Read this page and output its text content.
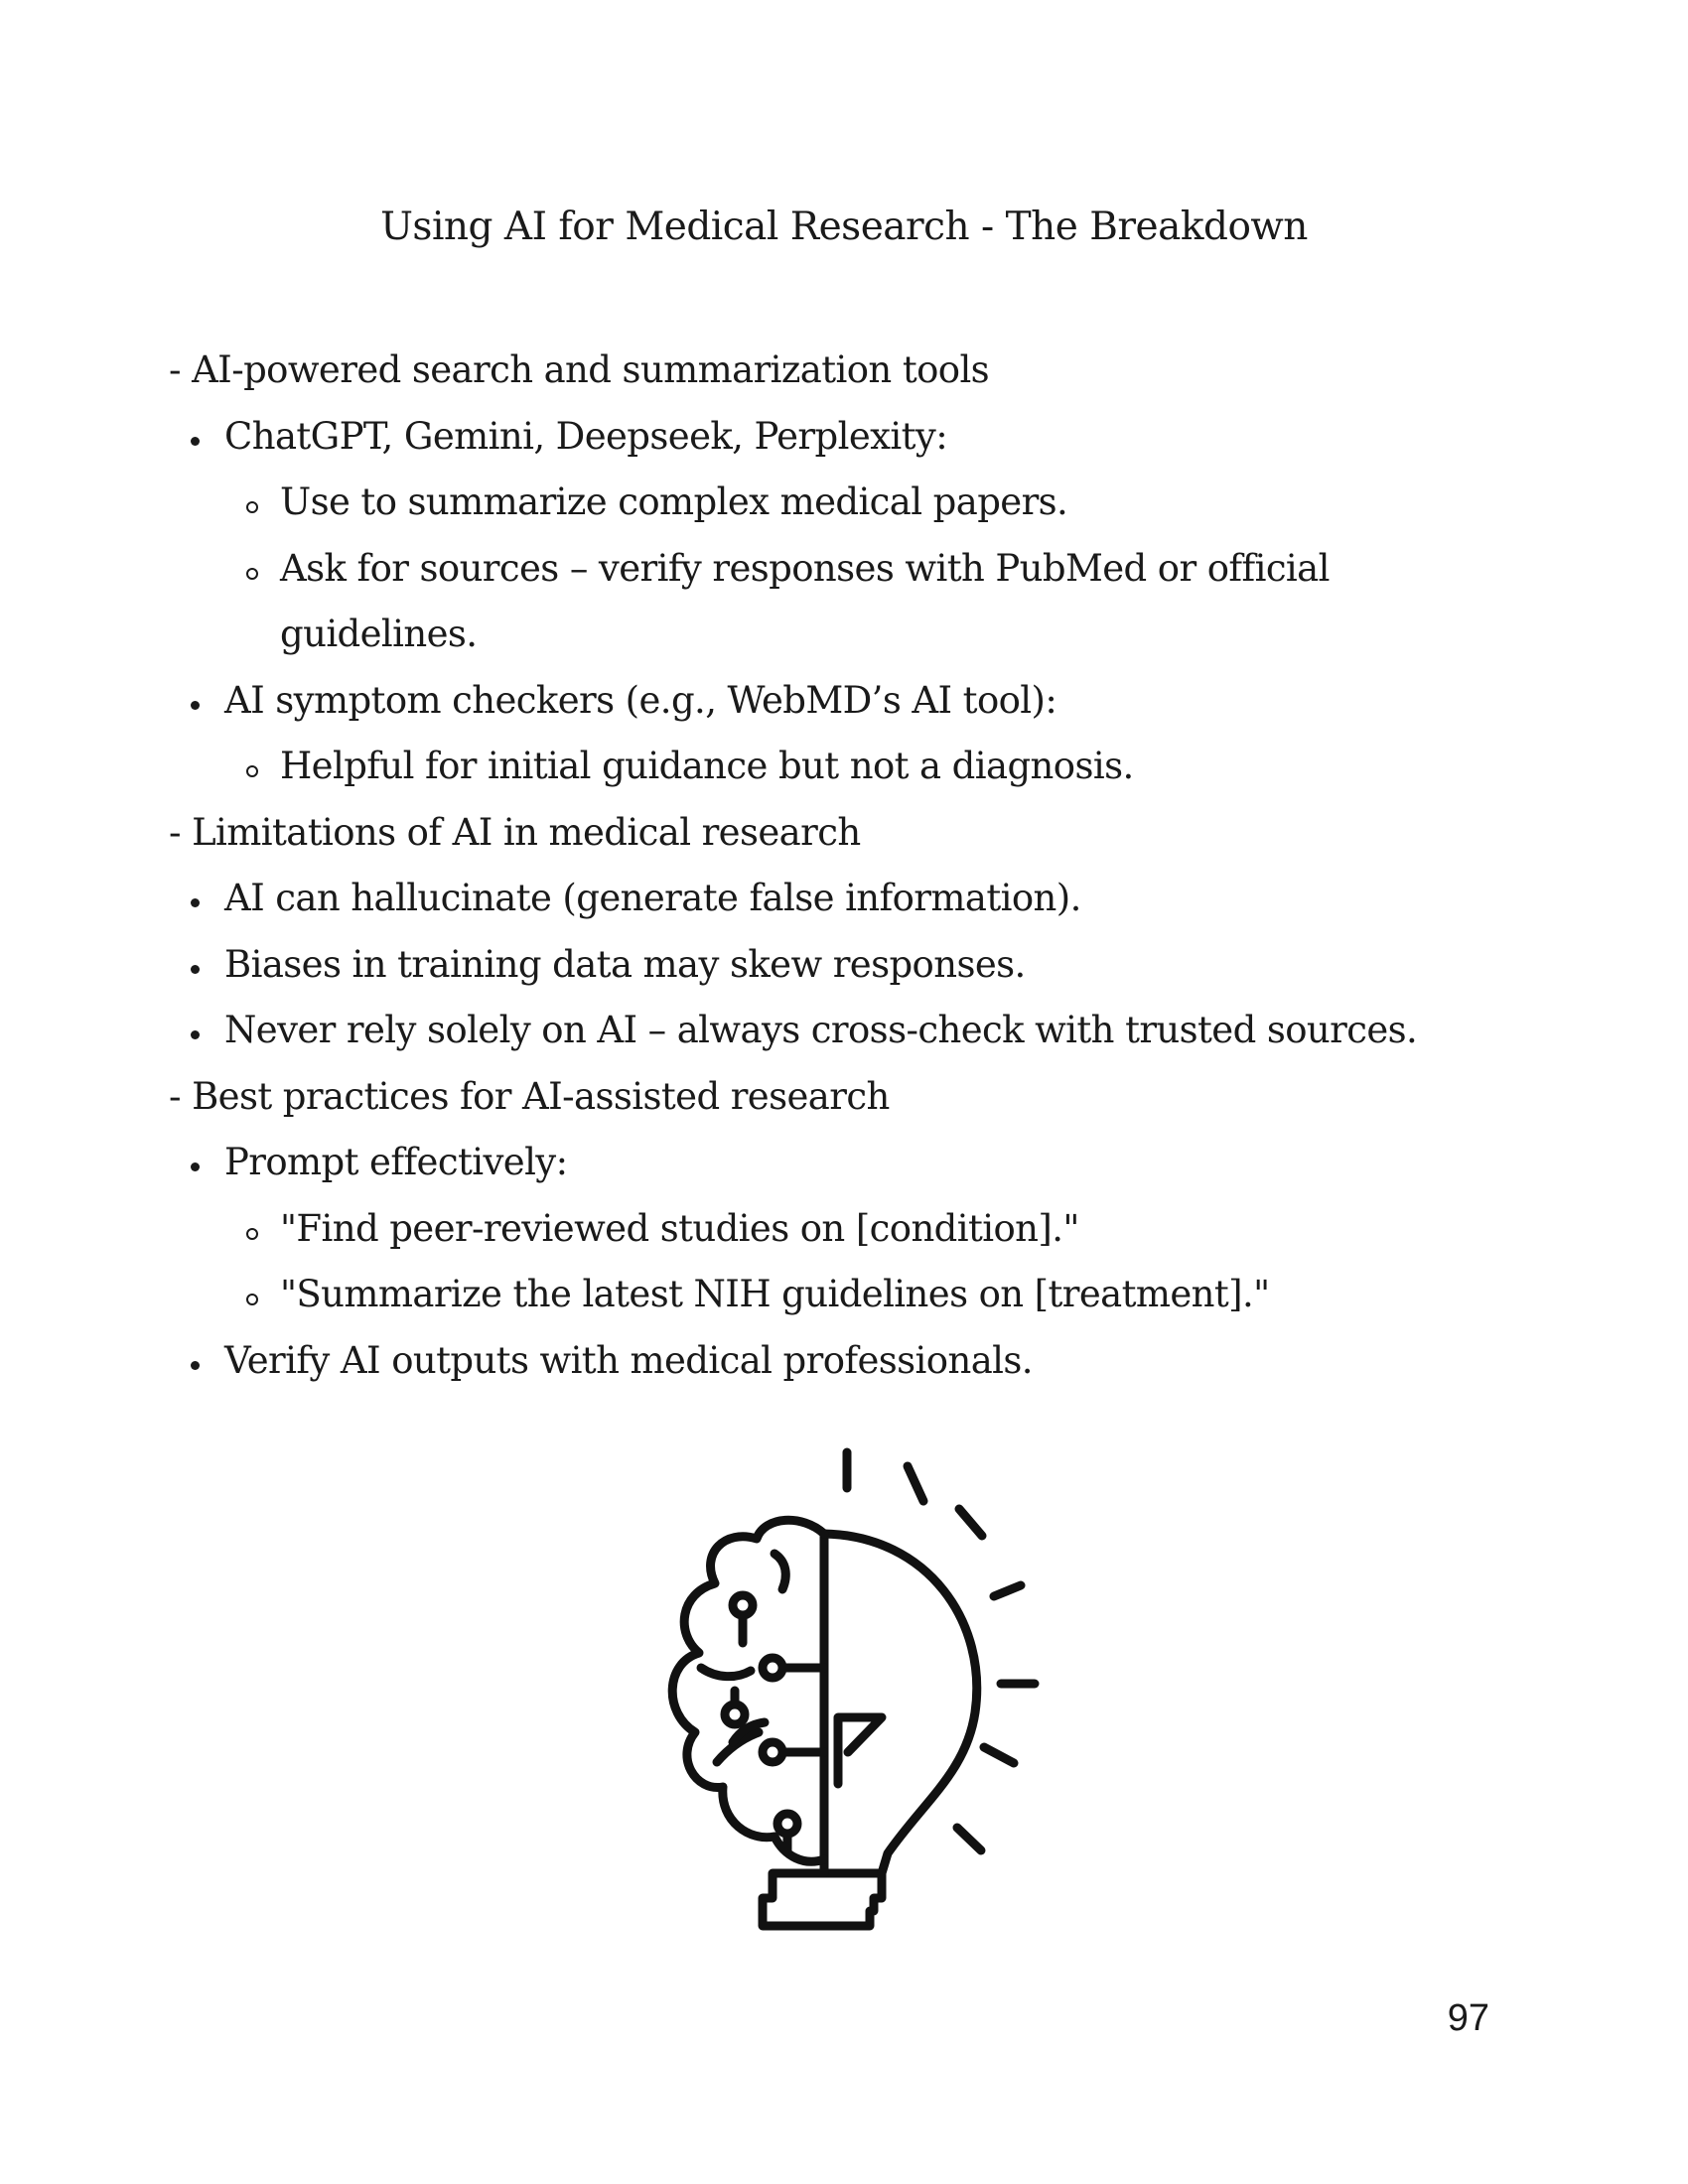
Using AI for Medical Research - The Breakdown
- AI-powered search and summarization tools
ChatGPT, Gemini, Deepseek, Perplexity:
Use to summarize complex medical papers.
Ask for sources – verify responses with PubMed or official guidelines.
AI symptom checkers (e.g., WebMD’s AI tool):
Helpful for initial guidance but not a diagnosis.
- Limitations of AI in medical research
AI can hallucinate (generate false information).
Biases in training data may skew responses.
Never rely solely on AI – always cross-check with trusted sources.
- Best practices for AI-assisted research
Prompt effectively:
"Find peer-reviewed studies on [condition]."
"Summarize the latest NIH guidelines on [treatment]."
Verify AI outputs with medical professionals.
97
